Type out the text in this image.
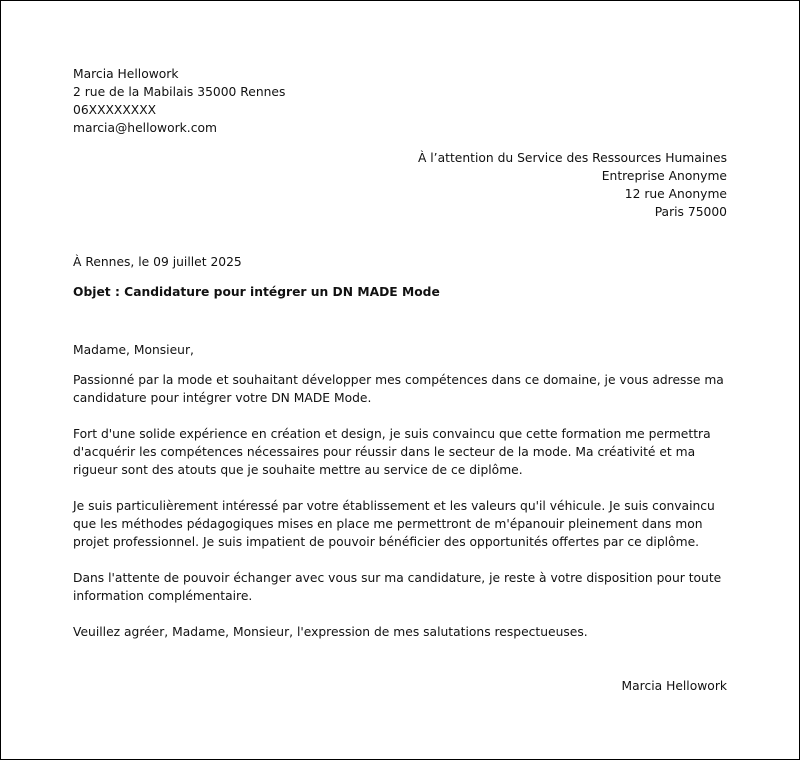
Marcia Hellowork
2 rue de la Mabilais 35000 Rennes
06XXXXXXXX
marcia@hellowork.com
À l’attention du Service des Ressources Humaines
Entreprise Anonyme
12 rue Anonyme
Paris 75000
À Rennes, le 09 juillet 2025
Objet : Candidature pour intégrer un DN MADE Mode

Madame, Monsieur,

Passionné par la mode et souhaitant développer mes compétences dans ce domaine, je vous adresse ma candidature pour intégrer votre DN MADE Mode.

Fort d'une solide expérience en création et design, je suis convaincu que cette formation me permettra d'acquérir les compétences nécessaires pour réussir dans le secteur de la mode. Ma créativité et ma rigueur sont des atouts que je souhaite mettre au service de ce diplôme.

Je suis particulièrement intéressé par votre établissement et les valeurs qu'il véhicule. Je suis convaincu que les méthodes pédagogiques mises en place me permettront de m'épanouir pleinement dans mon projet professionnel. Je suis impatient de pouvoir bénéficier des opportunités offertes par ce diplôme.

Dans l'attente de pouvoir échanger avec vous sur ma candidature, je reste à votre disposition pour toute information complémentaire.

Veuillez agréer, Madame, Monsieur, l'expression de mes salutations respectueuses.

Marcia Hellowork
